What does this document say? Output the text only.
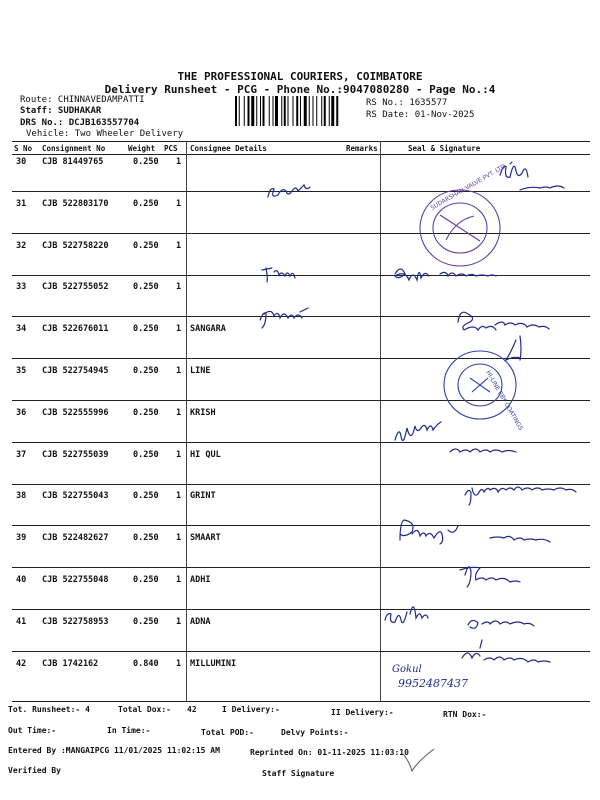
THE PROFESSIONAL COURIERS, COIMBATORE
Delivery Runsheet - PCG - Phone No.:9047080280 - Page No.:4
Route: CHINNAVEDAMPATTI
Staff: SUDHAKAR
DRS No.: DCJB163557704
Vehicle: Two Wheeler Delivery
RS No.: 1635577
RS Date: 01-Nov-2025
S No Consignment No	Weight PCS Consignee Details	Remarks	Seal & Signature
30 CJB 81449765	0.250 1
31 CJB 522803170	0.250 1
32 CJB 522758220	0.250 1
33 CJB 522755052	0.250 1
34 CJB 522676011	0.250 1 SANGARA
35 CJB 522754945	0.250 1 LINE
36 CJB 522555996	0.250 1 KRISH
37 CJB 522755039	0.250 1 HI QUL
38 CJB 522755043	0.250 1 GRINT
39 CJB 522482627	0.250 1 SMAART
40 CJB 522755048	0.250 1 ADHI
41 CJB 522758953	0.250 1 ADNA
42 CJB 1742162	0.840 1 MILLUMINI
SUDARSHAN VALVE PVT. LTD.
HI-LINE EBY COATINGS
Gokul
9952487437
Tot. Runsheet:- 4	Total Dox:- 42	I Delivery:-	II Delivery:-	RTN Dox:-
Out Time:-	In Time:-	Total POD:-	Delvy Points:-
Entered By :MANGAIPCG 11/01/2025 11:02:15 AM	Reprinted On: 01-11-2025 11:03:10
Verified By	Staff Signature
